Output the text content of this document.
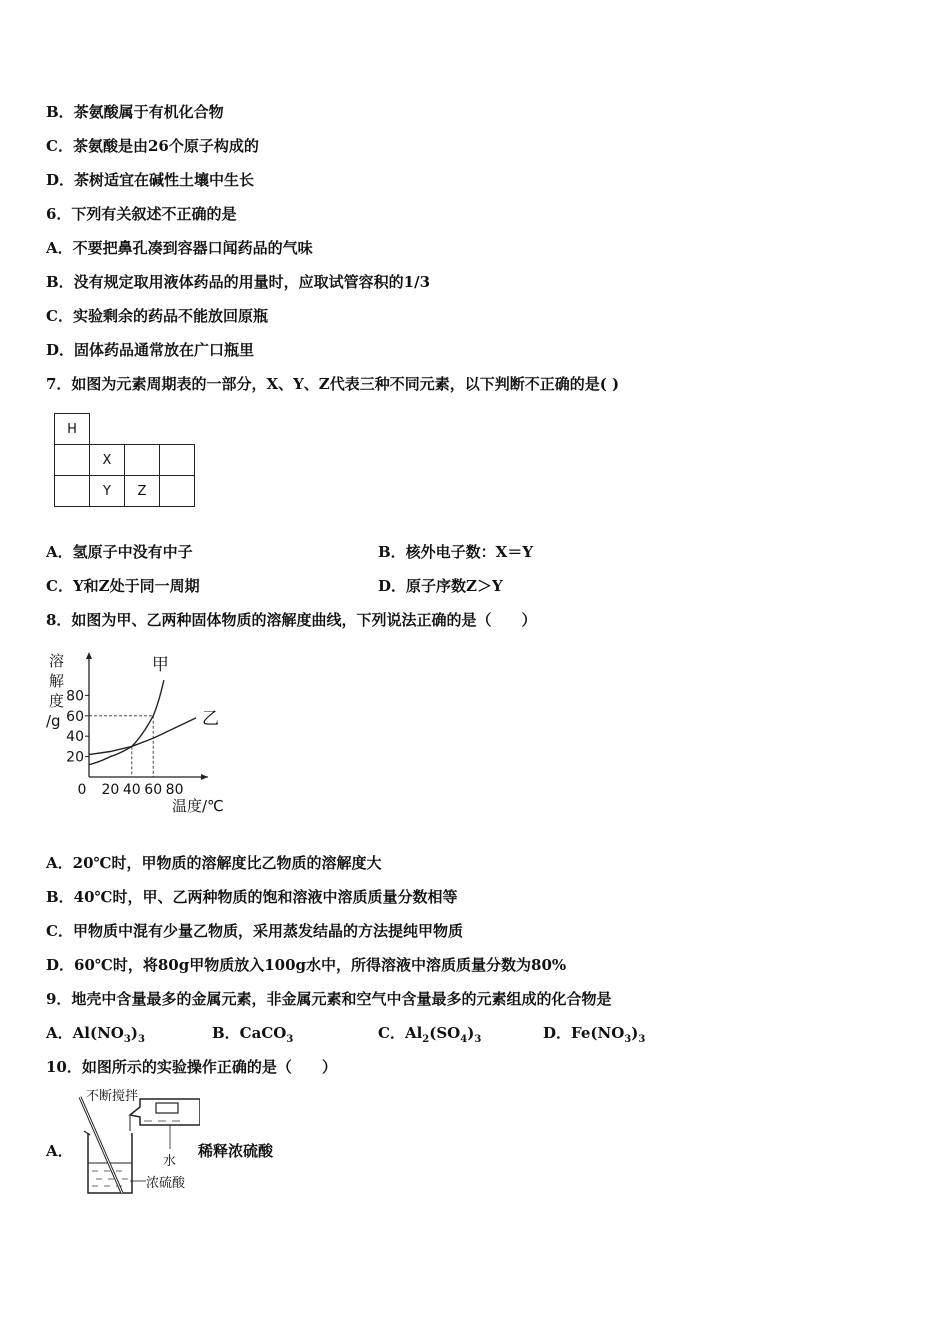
B．茶氨酸属于有机化合物
C．茶氨酸是由26个原子构成的
D．茶树适宜在碱性土壤中生长
6．下列有关叙述不正确的是
A．不要把鼻孔凑到容器口闻药品的气味
B．没有规定取用液体药品的用量时，应取试管容积的1/3
C．实验剩余的药品不能放回原瓶
D．固体药品通常放在广口瓶里
7．如图为元素周期表的一部分，X、Y、Z代表三种不同元素，以下判断不正确的是( )
H			
	X		
	Y	Z	
A．氢原子中没有中子	B．核外电子数：X＝Y
C．Y和Z处于同一周期	D．原子序数Z＞Y
8．如图为甲、乙两种固体物质的溶解度曲线，下列说法正确的是（　　）
溶
解
度
/g
20
40
60
80
0 20 40 60 80
温度/℃
甲
乙
A．20℃时，甲物质的溶解度比乙物质的溶解度大
B．40℃时，甲、乙两种物质的饱和溶液中溶质质量分数相等
C．甲物质中混有少量乙物质，采用蒸发结晶的方法提纯甲物质
D．60℃时，将80g甲物质放入100g水中，所得溶液中溶质质量分数为80%
9．地壳中含量最多的金属元素，非金属元素和空气中含量最多的元素组成的化合物是
A．$Al(NO_3)_3$	B．CaCO$_3$	C．$Al_2(SO_4)_3$	D．$Fe(NO_3)_3$
10．如图所示的实验操作正确的是（　　）
A．
不断搅拌
水
浓硫酸
稀释浓硫酸
